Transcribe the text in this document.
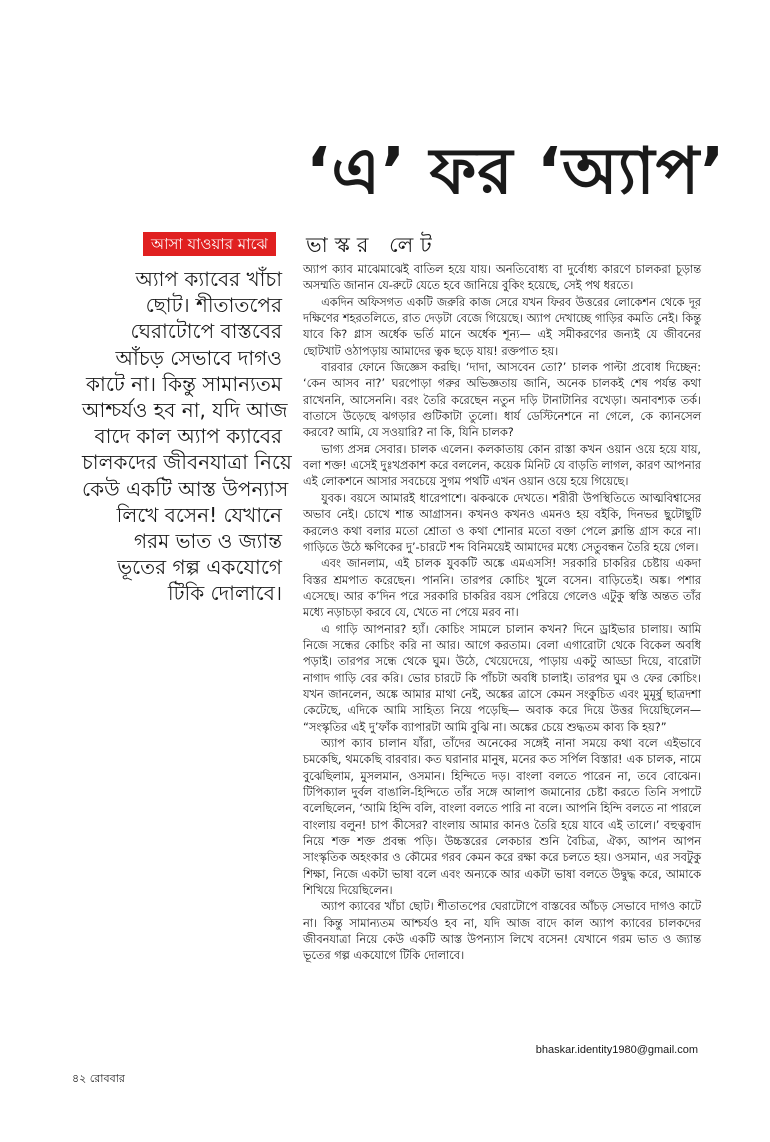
‘এ’ ফর ‘অ্যাপ’
ভাস্কর লেট
আসা যাওয়ার মাঝে
অ্যাপ ক্যাবের খাঁচা
ছোট। শীতাতপের
ঘেরাটোপে বাস্তবের
আঁচড় সেভাবে দাগও
কাটে না। কিন্তু সামান্যতম
আশ্চর্যও হব না, যদি আজ
বাদে কাল অ্যাপ ক্যাবের
চালকদের জীবনযাত্রা নিয়ে
কেউ একটি আস্ত উপন্যাস
লিখে বসেন! যেখানে
গরম ভাত ও জ্যান্ত
ভূতের গল্প একযোগে
টিকি দোলাবে।

অ্যাপ ক্যাব মাঝেমাঝেই বাতিল হয়ে যায়। অনতিবোধ্য বা দুর্বোধ্য কারণে চালকরা চূড়ান্ত অসম্মতি জানান যে-রুটে যেতে হবে জানিয়ে বুকিং হয়েছে, সেই পথ ধরতে।

একদিন অফিসগত একটি জরুরি কাজ সেরে যখন ফিরব উত্তরের লোকেশন থেকে দূর দক্ষিণের শহরতলিতে, রাত দেড়টা বেজে গিয়েছে। অ্যাপ দেখাচ্ছে গাড়ির কমতি নেই। কিন্তু যাবে কি? গ্লাস অর্ধেক ভর্তি মানে অর্ধেক শূন্য— এই সমীকরণের জন্যই যে জীবনের ছোটখাট ওঠাপড়ায় আমাদের ত্বক ছড়ে যায়! রক্তপাত হয়।

বারবার ফোনে জিজ্ঞেস করছি। ‘দাদা, আসবেন তো?’ চালক পাল্টা প্রবোধ দিচ্ছেন: ‘কেন আসব না?’ ঘরপোড়া গরুর অভিজ্ঞতায় জানি, অনেক চালকই শেষ পর্যন্ত কথা রাখেননি, আসেননি। বরং তৈরি করেছেন নতুন দড়ি টানাটানির বখেড়া। অনাবশ্যক তর্ক। বাতাসে উড়েছে ঝগড়ার গুটিকাটা তুলো। ধার্য ডেস্টিনেশনে না গেলে, কে ক্যানসেল করবে? আমি, যে সওয়ারি? না কি, যিনি চালক?

ভাগ্য প্রসন্ন সেবার। চালক এলেন। কলকাতায় কোন রাস্তা কখন ওয়ান ওয়ে হয়ে যায়, বলা শক্ত! এসেই দুঃখপ্রকাশ করে বললেন, কয়েক মিনিট যে বাড়তি লাগল, কারণ আপনার এই লোকশনে আসার সবচেয়ে সুগম পথটি এখন ওয়ান ওয়ে হয়ে গিয়েছে।

যুবক। বয়সে আমারই ধারেপাশে। ঝকঝকে দেখতে। শরীরী উপস্থিতিতে আত্মবিশ্বাসের অভাব নেই। চোখে শান্ত আগ্রাসন। কখনও কখনও এমনও হয় বইকি, দিনভর ছুটোছুটি করলেও কথা বলার মতো শ্রোতা ও কথা শোনার মতো বক্তা পেলে ক্লান্তি গ্রাস করে না। গাড়িতে উঠে ক্ষণিকের দু’-চারটে শব্দ বিনিময়েই আমাদের মধ্যে সেতুবন্ধন তৈরি হয়ে গেল।

এবং জানলাম, এই চালক যুবকটি অঙ্কে এমএসসি! সরকারি চাকরির চেষ্টায় একদা বিস্তর শ্রমপাত করেছেন। পাননি। তারপর কোচিং খুলে বসেন। বাড়িতেই। অঙ্ক। পশার এসেছে। আর ক’দিন পরে সরকারি চাকরির বয়স পেরিয়ে গেলেও এটুকু স্বস্তি অন্তত তাঁর মধ্যে নড়াচড়া করবে যে, খেতে না পেয়ে মরব না।

এ গাড়ি আপনার? হ্যাঁ। কোচিং সামলে চালান কখন? দিনে ড্রাইভার চালায়। আমি নিজে সন্ধের কোচিং করি না আর। আগে করতাম। বেলা এগারোটা থেকে বিকেল অবধি পড়াই। তারপর সন্ধে থেকে ঘুম। উঠে, খেয়েদেয়ে, পাড়ায় একটু আড্ডা দিয়ে, বারোটা নাগাদ গাড়ি বের করি। ভোর চারটে কি পাঁচটা অবধি চালাই। তারপর ঘুম ও ফের কোচিং। যখন জানলেন, অঙ্কে আমার মাথা নেই, অঙ্কের ত্রাসে কেমন সংকুচিত এবং মুমূর্ষু ছাত্রদশা কেটেছে, এদিকে আমি সাহিত্য নিয়ে পড়েছি— অবাক করে দিয়ে উত্তর দিয়েছিলেন— “সংস্কৃতির এই দু’ফাঁক ব্যাপারটা আমি বুঝি না। অঙ্কের চেয়ে শুদ্ধতম কাব্য কি হয়?”

অ্যাপ ক্যাব চালান যাঁরা, তাঁদের অনেকের সঙ্গেই নানা সময়ে কথা বলে এইভাবে চমকেছি, থমকেছি বারবার। কত ঘরানার মানুষ, মনের কত সর্পিল বিস্তার! এক চালক, নামে বুঝেছিলাম, মুসলমান, ওসমান। হিন্দিতে দড়। বাংলা বলতে পারেন না, তবে বোঝেন। টিপিক্যাল দুর্বল বাঙালি-হিন্দিতে তাঁর সঙ্গে আলাপ জমানোর চেষ্টা করতে তিনি সপাটে বলেছিলেন, ‘আমি হিন্দি বলি, বাংলা বলতে পারি না বলে। আপনি হিন্দি বলতে না পারলে বাংলায় বলুন! চাপ কীসের? বাংলায় আমার কানও তৈরি হয়ে যাবে এই তালে।’ বহুত্ববাদ নিয়ে শক্ত শক্ত প্রবন্ধ পড়ি। উচ্চস্তরের লেকচার শুনি বৈচিত্র, ঐক্য, আপন আপন সাংস্কৃতিক অহংকার ও কৌমের গরব কেমন করে রক্ষা করে চলতে হয়। ওসমান, এর সবটুকু শিক্ষা, নিজে একটা ভাষা বলে এবং অন্যকে আর একটা ভাষা বলতে উদ্বুদ্ধ করে, আমাকে শিখিয়ে দিয়েছিলেন।

অ্যাপ ক্যাবের খাঁচা ছোট। শীতাতপের ঘেরাটোপে বাস্তবের আঁচড় সেভাবে দাগও কাটে না। কিন্তু সামান্যতম আশ্চর্যও হব না, যদি আজ বাদে কাল অ্যাপ ক্যাবের চালকদের জীবনযাত্রা নিয়ে কেউ একটি আস্ত উপন্যাস লিখে বসেন! যেখানে গরম ভাত ও জ্যান্ত ভূতের গল্প একযোগে টিকি দোলাবে।

bhaskar.identity1980@gmail.com
৪২ রোববার
